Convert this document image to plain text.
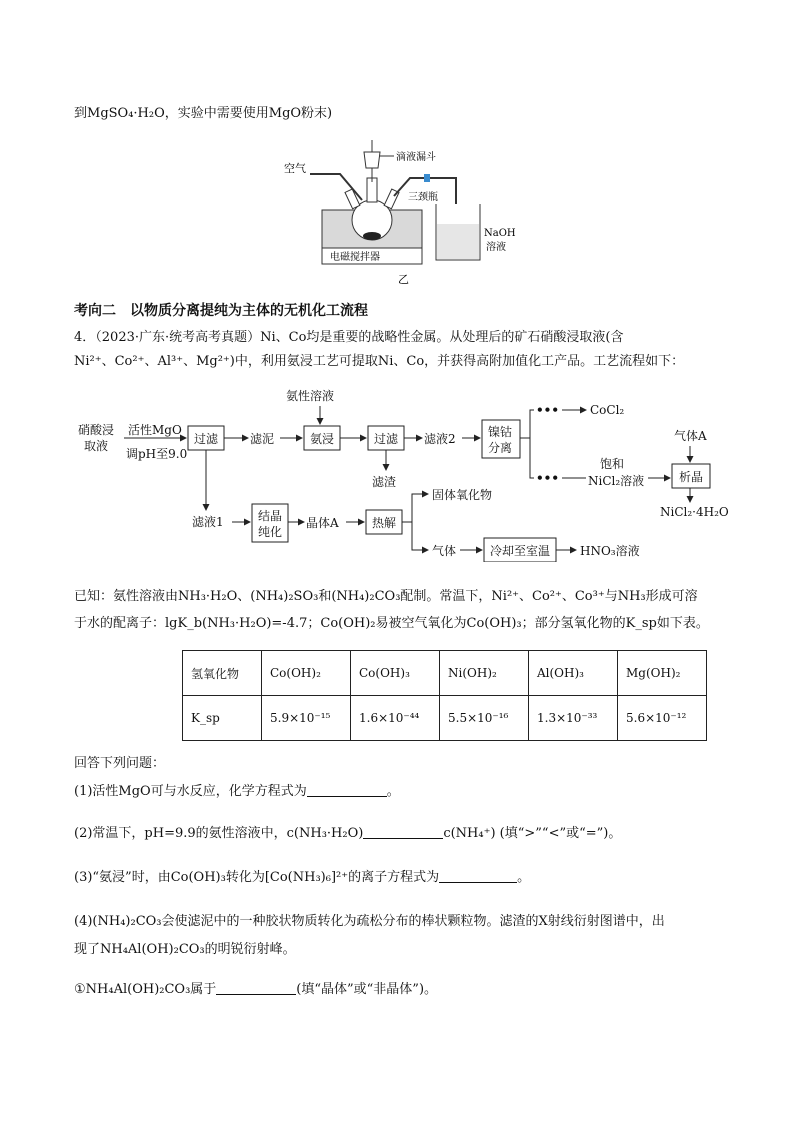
到MgSO₄·H₂O，实验中需要使用MgO粉末)
空气
电磁搅拌器
滴液漏斗
三颈瓶
NaOH
溶液
乙
考向二　以物质分离提纯为主体的无机化工流程
4．（2023·广东·统考高考真题）Ni、Co均是重要的战略性金属。从处理后的矿石硝酸浸取液(含
Ni²⁺、Co²⁺、Al³⁺、Mg²⁺)中，利用氨浸工艺可提取Ni、Co，并获得高附加值化工产品。工艺流程如下：
硝酸浸
取液
活性MgO
调pH至9.0
过滤	滤泥
氨性溶液
氨浸	过滤
滤渣
滤液2	镍钴
分离
•••	CoCl₂
•••
饱和
NiCl₂溶液
气体A
析晶
NiCl₂·4H₂O
滤液1	结晶
纯化
晶体A	热解
固体氧化物
气体	冷却至室温 HNO₃溶液
已知：氨性溶液由NH₃·H₂O、(NH₄)₂SO₃和(NH₄)₂CO₃配制。常温下，Ni²⁺、Co²⁺、Co³⁺与NH₃形成可溶
于水的配离子：lgK_b(NH₃·H₂O)=-4.7；Co(OH)₂易被空气氧化为Co(OH)₃；部分氢氧化物的K_sp如下表。
氢氧化物	Co(OH)₂	Co(OH)₃	Ni(OH)₂	Al(OH)₃	Mg(OH)₂
K_sp	5.9×10⁻¹⁵	1.6×10⁻⁴⁴	5.5×10⁻¹⁶	1.3×10⁻³³	5.6×10⁻¹²
回答下列问题：
(1)活性MgO可与水反应，化学方程式为	。
(2)常温下，pH=9.9的氨性溶液中，c(NH₃·H₂O)	c(NH₄⁺) (填“>”“<”或“=”)。
(3)“氨浸”时，由Co(OH)₃转化为[Co(NH₃)₆]²⁺的离子方程式为	。
(4)(NH₄)₂CO₃会使滤泥中的一种胶状物质转化为疏松分布的棒状颗粒物。滤渣的X射线衍射图谱中，出
现了NH₄Al(OH)₂CO₃的明锐衍射峰。
①NH₄Al(OH)₂CO₃属于	(填“晶体”或“非晶体”)。
